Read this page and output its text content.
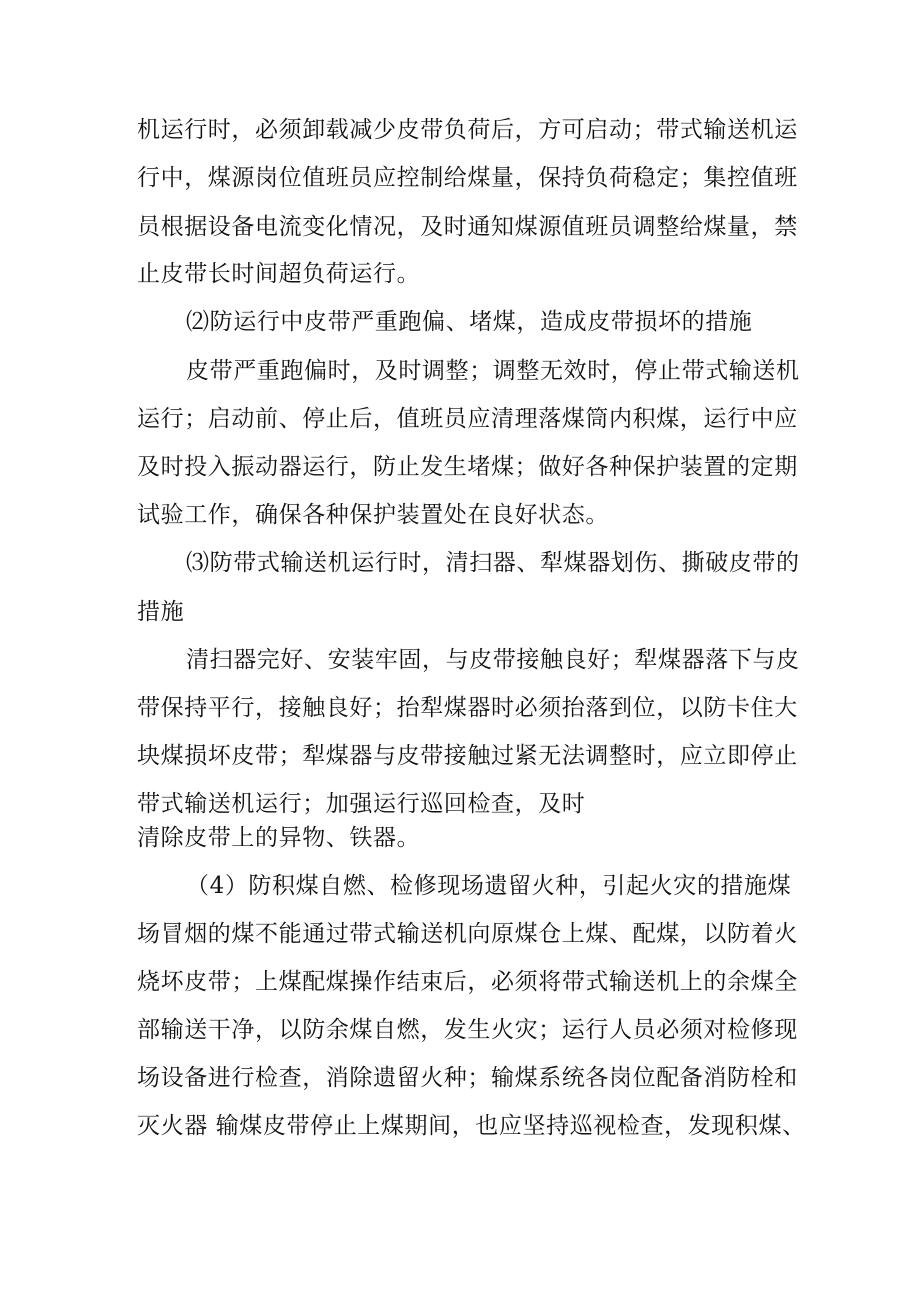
机运行时，必须卸载减少皮带负荷后，方可启动；带式输送机运
行中，煤源岗位值班员应控制给煤量，保持负荷稳定；集控值班
员根据设备电流变化情况，及时通知煤源值班员调整给煤量，禁
止皮带长时间超负荷运行。
⑵防运行中皮带严重跑偏、堵煤，造成皮带损坏的措施
皮带严重跑偏时，及时调整；调整无效时，停止带式输送机
运行；启动前、停止后，值班员应清理落煤筒内积煤，运行中应
及时投入振动器运行，防止发生堵煤；做好各种保护装置的定期
试验工作，确保各种保护装置处在良好状态。
⑶防带式输送机运行时，清扫器、犁煤器划伤、撕破皮带的
措施
清扫器完好、安装牢固，与皮带接触良好；犁煤器落下与皮
带保持平行，接触良好；抬犁煤器时必须抬落到位，以防卡住大
块煤损坏皮带；犁煤器与皮带接触过紧无法调整时，应立即停止
带式输送机运行；加强运行巡回检查，及时
清除皮带上的异物、铁器。
（4）防积煤自燃、检修现场遗留火种，引起火灾的措施煤
场冒烟的煤不能通过带式输送机向原煤仓上煤、配煤，以防着火
烧坏皮带；上煤配煤操作结束后，必须将带式输送机上的余煤全
部输送干净，以防余煤自燃，发生火灾；运行人员必须对检修现
场设备进行检查，消除遗留火种；输煤系统各岗位配备消防栓和
灭火器 输煤皮带停止上煤期间，也应坚持巡视检查，发现积煤、
